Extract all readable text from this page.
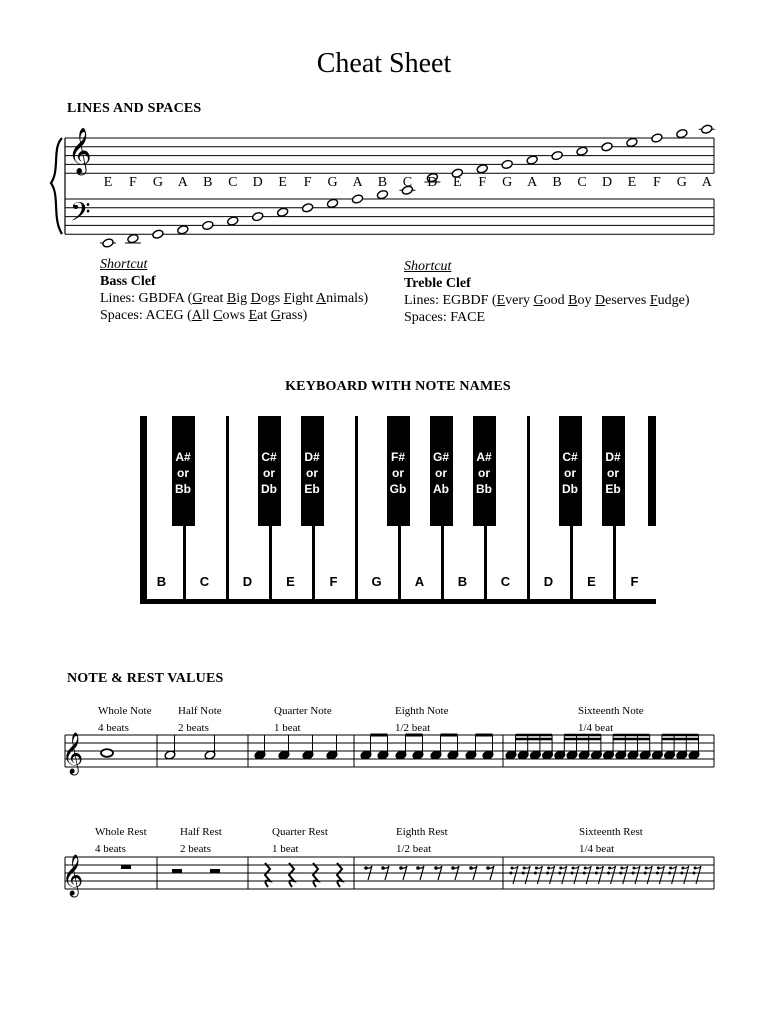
Cheat Sheet
LINES AND SPACES
𝄞
𝄢
E F G A B C D E F G A B C D E F G A B C D E F G A
Shortcut
Bass Clef
Lines: GBDFA (Great Big Dogs Fight Animals)
Spaces: ACEG (All Cows Eat Grass)
Shortcut
Treble Clef
Lines: EGBDF (Every Good Boy Deserves Fudge)
Spaces: FACE
KEYBOARD WITH NOTE NAMES
B	C	D	E	F	G	A	B	C	D	E	F
A#
or
Bb
C#
or
Db
D#
or
Eb
F#
or
Gb
G#
or
Ab
A#
or
Bb
C#
or
Db
D#
or
Eb
NOTE & REST VALUES
𝄞
𝄞
Whole Note
4 beats
Half Note
2 beats
Quarter Note
1 beat
Eighth Note
1/2 beat
Sixteenth Note
1/4 beat
Whole Rest
4 beats
Half Rest
2 beats
Quarter Rest
1 beat
Eighth Rest
1/2 beat
Sixteenth Rest
1/4 beat
